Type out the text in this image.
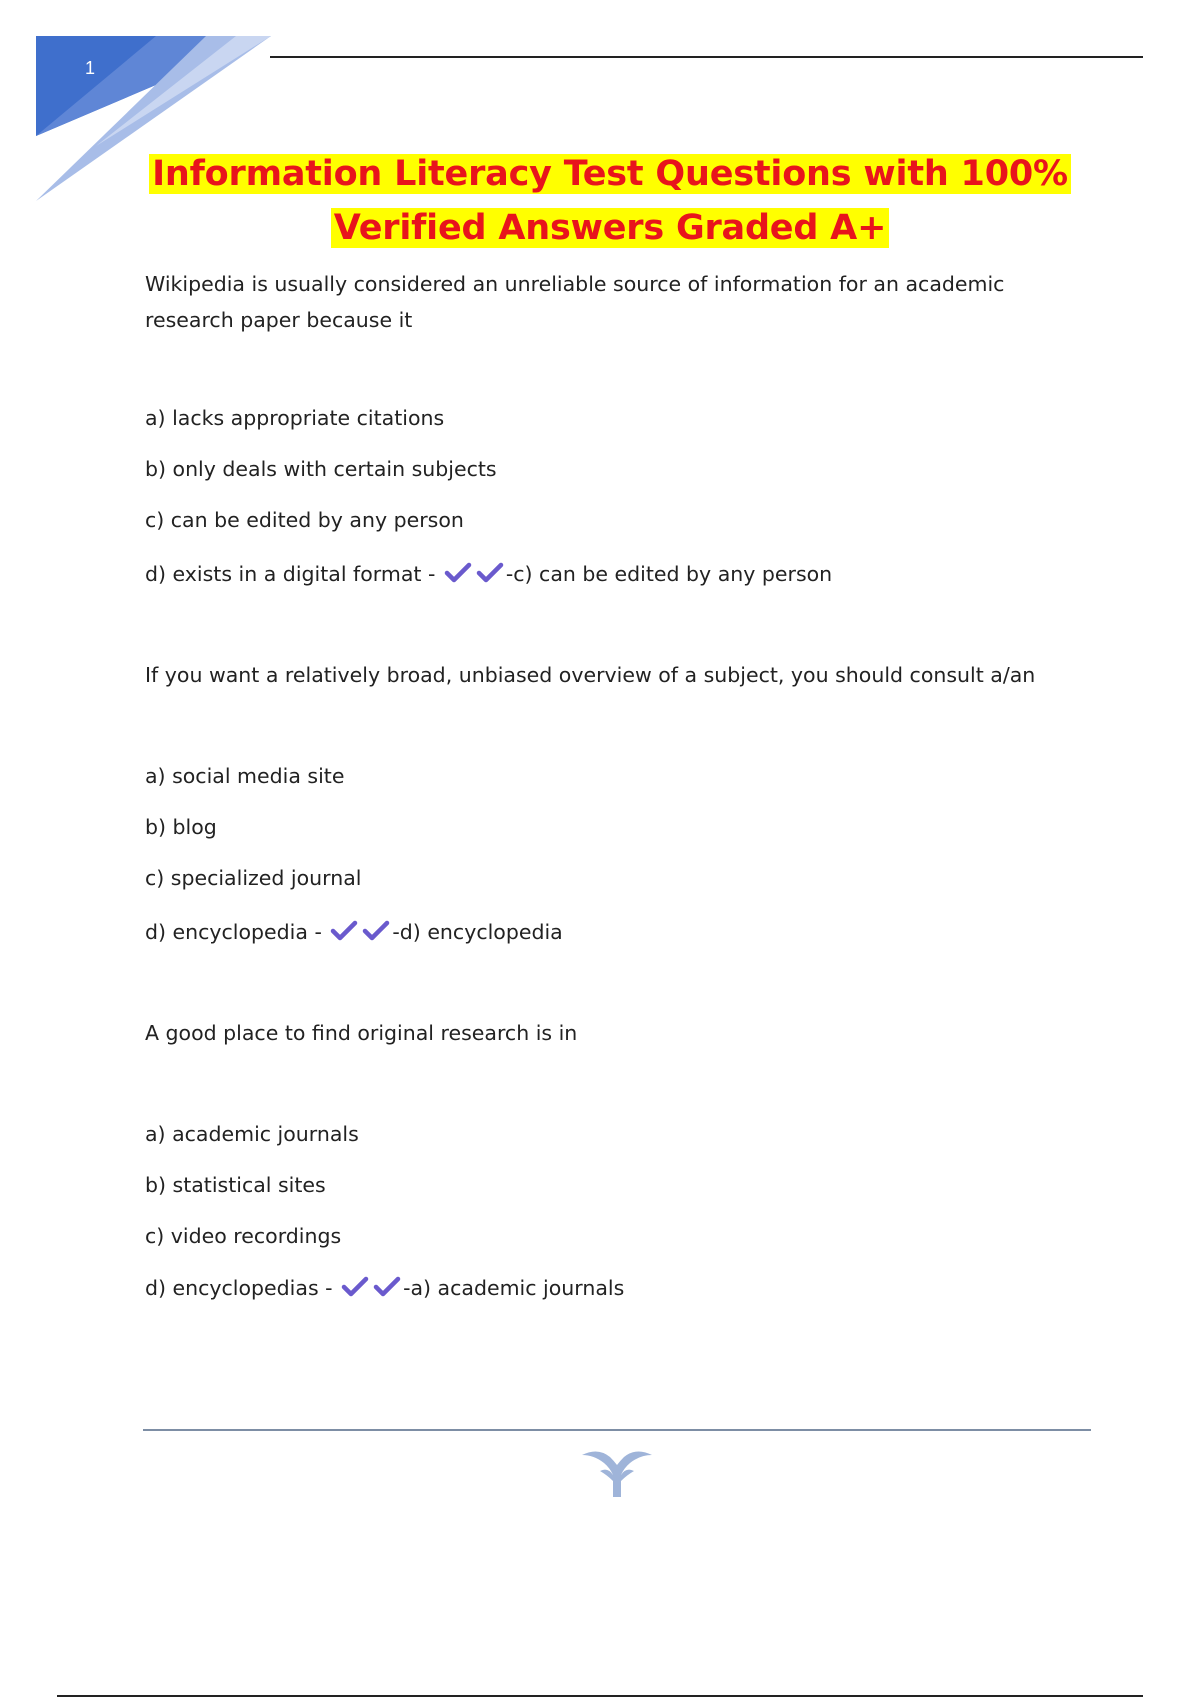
1
Information Literacy Test Questions with 100%
Verified Answers Graded A+
Wikipedia is usually considered an unreliable source of information for an academic
research paper because it
a) lacks appropriate citations
b) only deals with certain subjects
c) can be edited by any person
d) exists in a digital format -	-c) can be edited by any person
If you want a relatively broad, unbiased overview of a subject, you should consult a/an
a) social media site
b) blog
c) specialized journal
d) encyclopedia -	-d) encyclopedia
A good place to find original research is in
a) academic journals
b) statistical sites
c) video recordings
d) encyclopedias -	-a) academic journals
